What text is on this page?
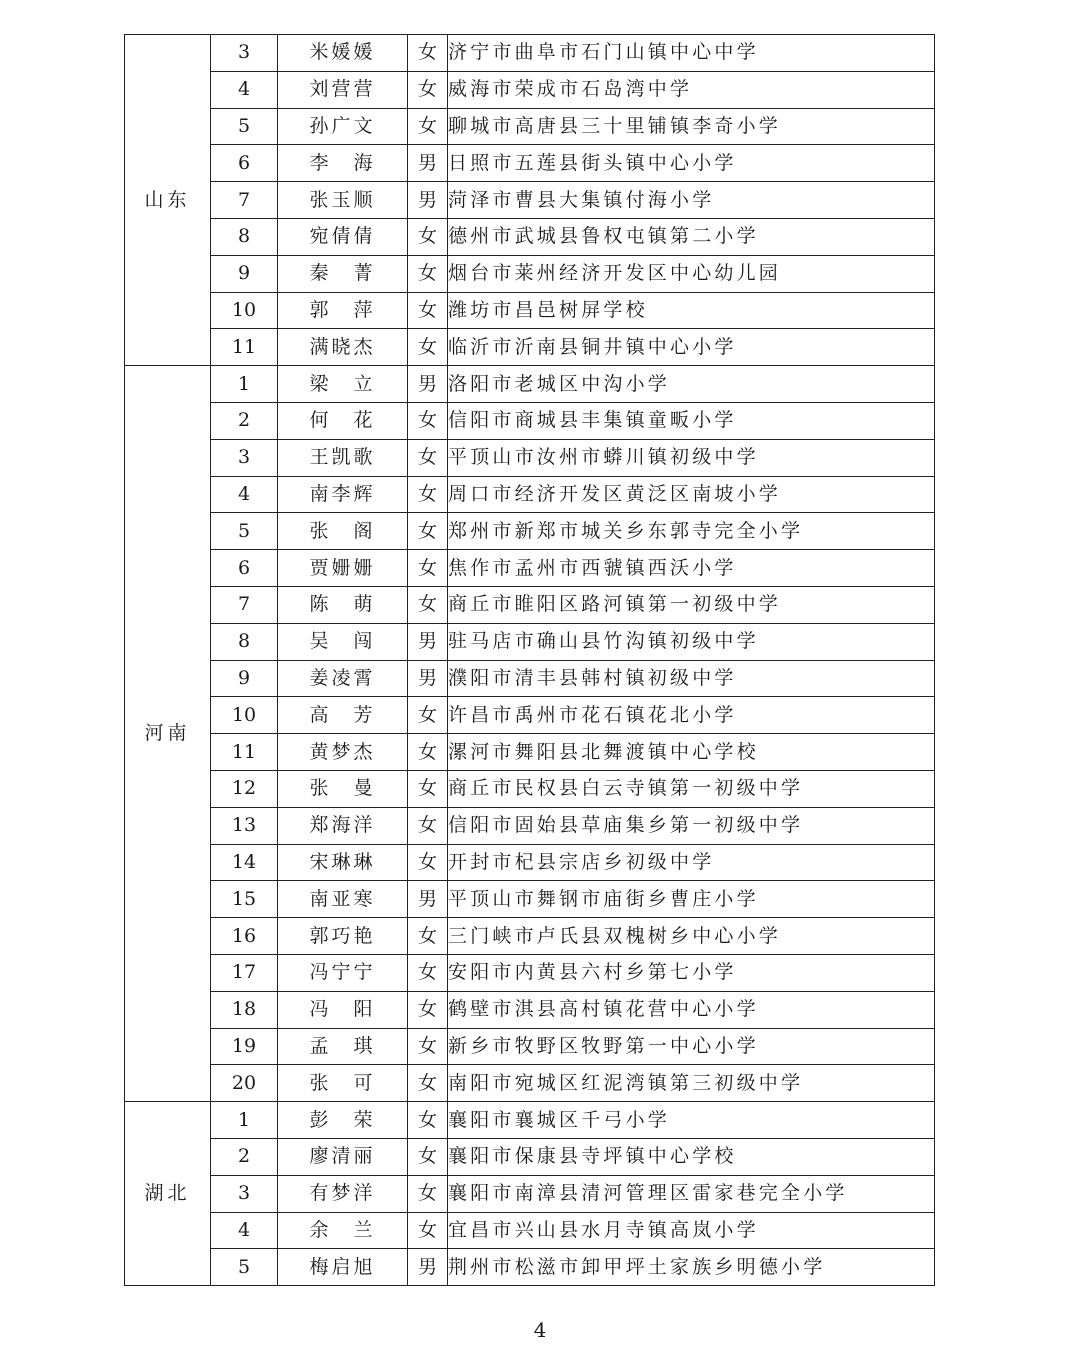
山东	3	米媛媛	女	济宁市曲阜市石门山镇中心中学
	4	刘营营	女	威海市荣成市石岛湾中学
	5	孙广文	女	聊城市高唐县三十里铺镇李奇小学
	6	李　海	男	日照市五莲县街头镇中心小学
	7	张玉顺	男	菏泽市曹县大集镇付海小学
	8	宛倩倩	女	德州市武城县鲁权屯镇第二小学
	9	秦　菁	女	烟台市莱州经济开发区中心幼儿园
	10	郭　萍	女	潍坊市昌邑树屏学校
	11	满晓杰	女	临沂市沂南县铜井镇中心小学
河南	1	梁　立	男	洛阳市老城区中沟小学
	2	何　花	女	信阳市商城县丰集镇童畈小学
	3	王凯歌	女	平顶山市汝州市蟒川镇初级中学
	4	南李辉	女	周口市经济开发区黄泛区南坡小学
	5	张　阁	女	郑州市新郑市城关乡东郭寺完全小学
	6	贾姗姗	女	焦作市孟州市西虢镇西沃小学
	7	陈　萌	女	商丘市睢阳区路河镇第一初级中学
	8	吴　闯	男	驻马店市确山县竹沟镇初级中学
	9	姜凌霄	男	濮阳市清丰县韩村镇初级中学
	10	高　芳	女	许昌市禹州市花石镇花北小学
	11	黄梦杰	女	漯河市舞阳县北舞渡镇中心学校
	12	张　曼	女	商丘市民权县白云寺镇第一初级中学
	13	郑海洋	女	信阳市固始县草庙集乡第一初级中学
	14	宋琳琳	女	开封市杞县宗店乡初级中学
	15	南亚寒	男	平顶山市舞钢市庙街乡曹庄小学
	16	郭巧艳	女	三门峡市卢氏县双槐树乡中心小学
	17	冯宁宁	女	安阳市内黄县六村乡第七小学
	18	冯　阳	女	鹤壁市淇县高村镇花营中心小学
	19	孟　琪	女	新乡市牧野区牧野第一中心小学
	20	张　可	女	南阳市宛城区红泥湾镇第三初级中学
湖北	1	彭　荣	女	襄阳市襄城区千弓小学
	2	廖清丽	女	襄阳市保康县寺坪镇中心学校
	3	有梦洋	女	襄阳市南漳县清河管理区雷家巷完全小学
	4	余　兰	女	宜昌市兴山县水月寺镇高岚小学
	5	梅启旭	男	荆州市松滋市卸甲坪土家族乡明德小学
4
